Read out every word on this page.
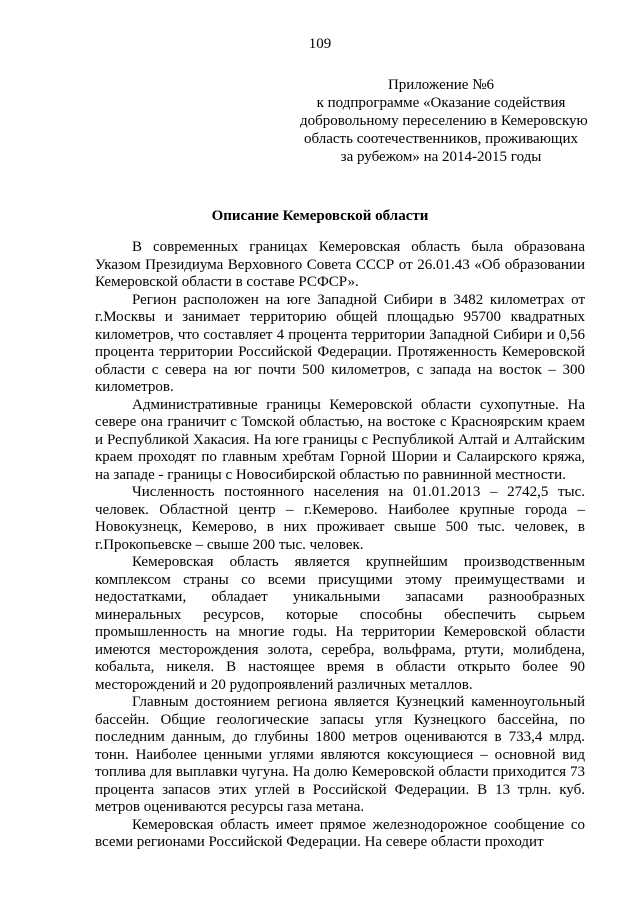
109
Приложение №6
к подпрограмме «Оказание содействия
добровольному переселению в Кемеровскую
область соотечественников, проживающих
за рубежом» на 2014-2015 годы
Описание Кемеровской области

В современных границах Кемеровская область была образована Указом Президиума Верховного Совета СССР от 26.01.43 «Об образовании Кемеровской области в составе РСФСР».

Регион расположен на юге Западной Сибири в 3482 километрах от г.Москвы и занимает территорию общей площадью 95700 квадратных километров, что составляет 4 процента территории Западной Сибири и 0,56 процента территории Российской Федерации. Протяженность Кемеровской области с севера на юг почти 500 километров, с запада на восток – 300 километров.

Административные границы Кемеровской области сухопутные. На севере она граничит с Томской областью, на востоке с Красноярским краем и Республикой Хакасия. На юге границы с Республикой Алтай и Алтайским краем проходят по главным хребтам Горной Шории и Салаирского кряжа, на западе - границы с Новосибирской областью по равнинной местности.

Численность постоянного населения на 01.01.2013 – 2742,5 тыс. человек. Областной центр – г.Кемерово. Наиболее крупные города – Новокузнецк, Кемерово, в них проживает свыше 500 тыс. человек, в г.Прокопьевске – свыше 200 тыс. человек.

Кемеровская область является крупнейшим производственным комплексом страны со всеми присущими этому преимуществами и недостатками, обладает уникальными запасами разнообразных минеральных ресурсов, которые способны обеспечить сырьем промышленность на многие годы. На территории Кемеровской области имеются месторождения золота, серебра, вольфрама, ртути, молибдена, кобальта, никеля. В настоящее время в области открыто более 90 месторождений и 20 рудопроявлений различных металлов.

Главным достоянием региона является Кузнецкий каменноугольный бассейн. Общие геологические запасы угля Кузнецкого бассейна, по последним данным, до глубины 1800 метров оцениваются в 733,4 млрд. тонн. Наиболее ценными углями являются коксующиеся – основной вид топлива для выплавки чугуна. На долю Кемеровской области приходится 73 процента запасов этих углей в Российской Федерации. В 13 трлн. куб. метров оцениваются ресурсы газа метана.

Кемеровская область имеет прямое железнодорожное сообщение со всеми регионами Российской Федерации. На севере области проходит
